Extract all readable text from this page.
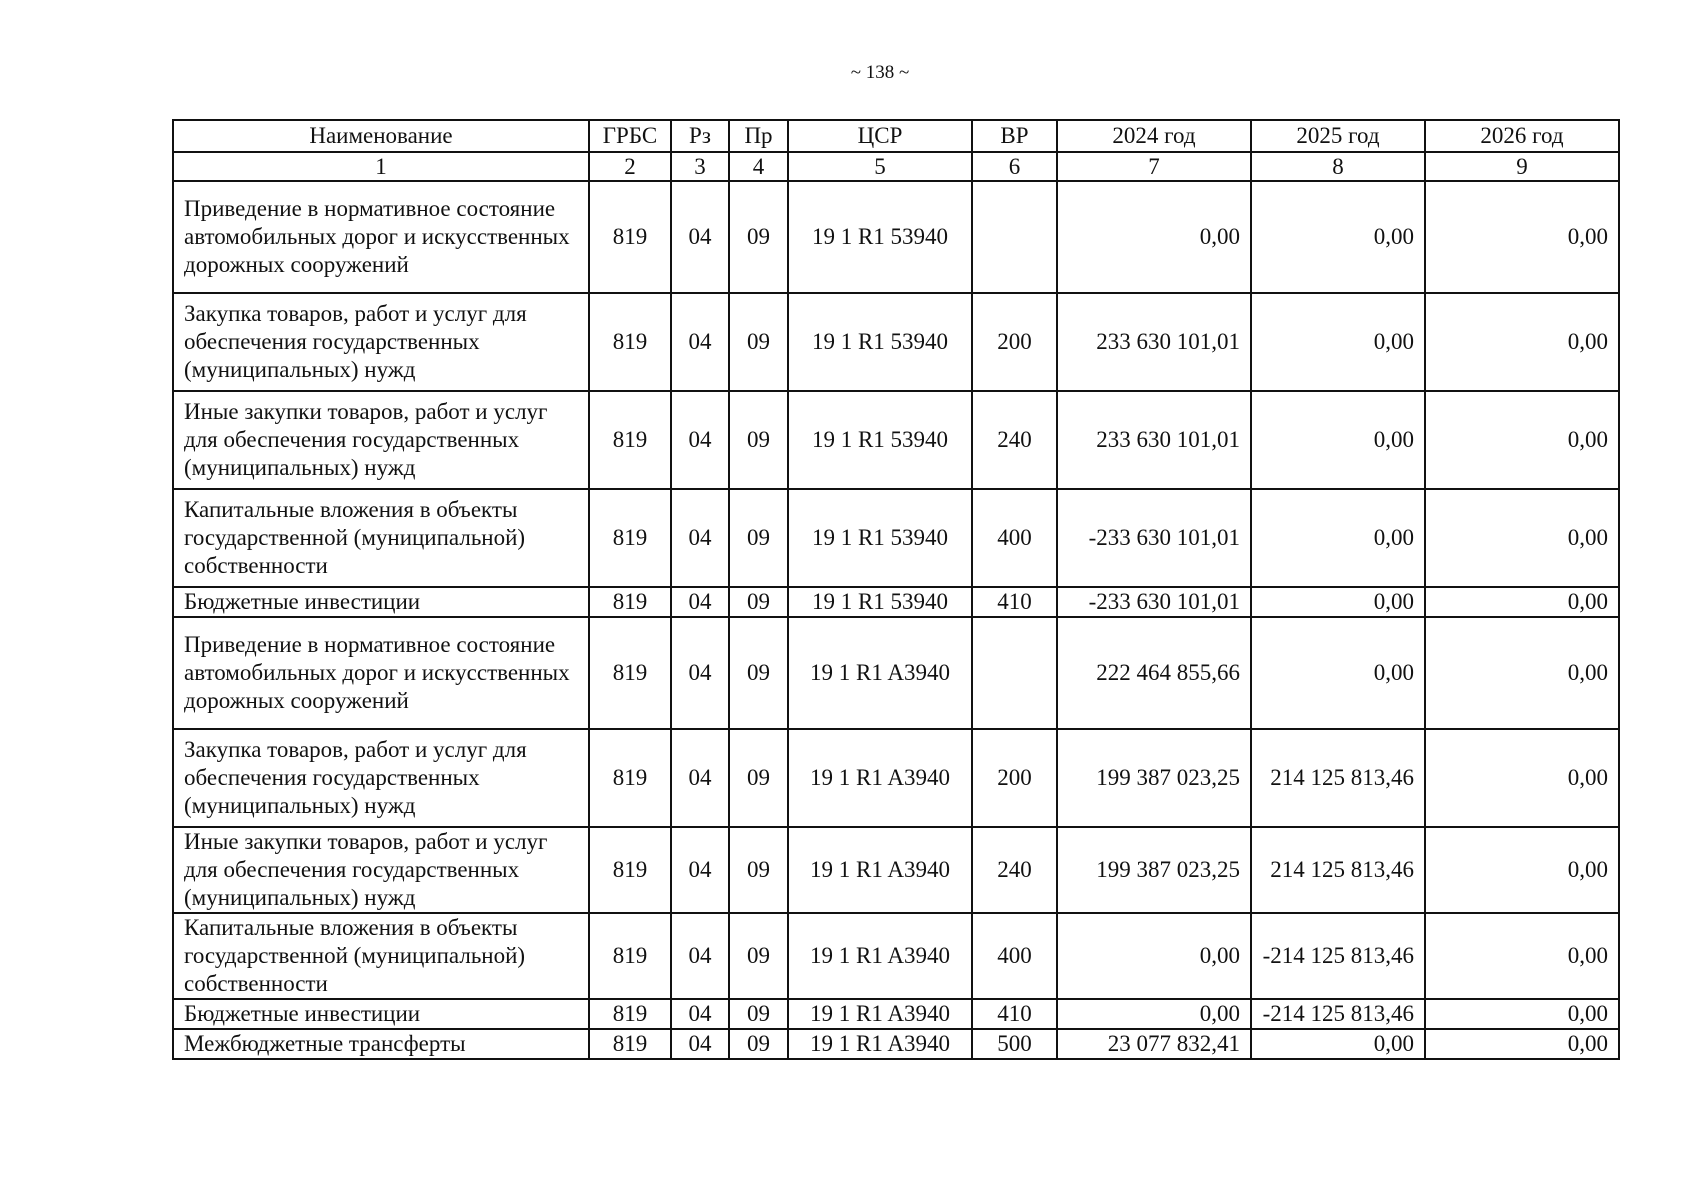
~ 138 ~
Наименование	ГРБС	Рз	Пр	ЦСР	ВР	2024 год	2025 год	2026 год
1	2	3	4	5	6	7	8	9
Приведение в нормативное состояние автомобильных дорог и искусственных дорожных сооружений	819	04	09	19 1 R1 53940		0,00	0,00	0,00
Закупка товаров, работ и услуг для обеспечения государственных (муниципальных) нужд	819	04	09	19 1 R1 53940	200	233 630 101,01	0,00	0,00
Иные закупки товаров, работ и услуг для обеспечения государственных (муниципальных) нужд	819	04	09	19 1 R1 53940	240	233 630 101,01	0,00	0,00
Капитальные вложения в объекты государственной (муниципальной) собственности	819	04	09	19 1 R1 53940	400	-233 630 101,01	0,00	0,00
Бюджетные инвестиции	819	04	09	19 1 R1 53940	410	-233 630 101,01	0,00	0,00
Приведение в нормативное состояние автомобильных дорог и искусственных дорожных сооружений	819	04	09	19 1 R1 A3940		222 464 855,66	0,00	0,00
Закупка товаров, работ и услуг для обеспечения государственных (муниципальных) нужд	819	04	09	19 1 R1 A3940	200	199 387 023,25	214 125 813,46	0,00
Иные закупки товаров, работ и услуг для обеспечения государственных (муниципальных) нужд	819	04	09	19 1 R1 A3940	240	199 387 023,25	214 125 813,46	0,00
Капитальные вложения в объекты государственной (муниципальной) собственности	819	04	09	19 1 R1 A3940	400	0,00	-214 125 813,46	0,00
Бюджетные инвестиции	819	04	09	19 1 R1 A3940	410	0,00	-214 125 813,46	0,00
Межбюджетные трансферты	819	04	09	19 1 R1 A3940	500	23 077 832,41	0,00	0,00
